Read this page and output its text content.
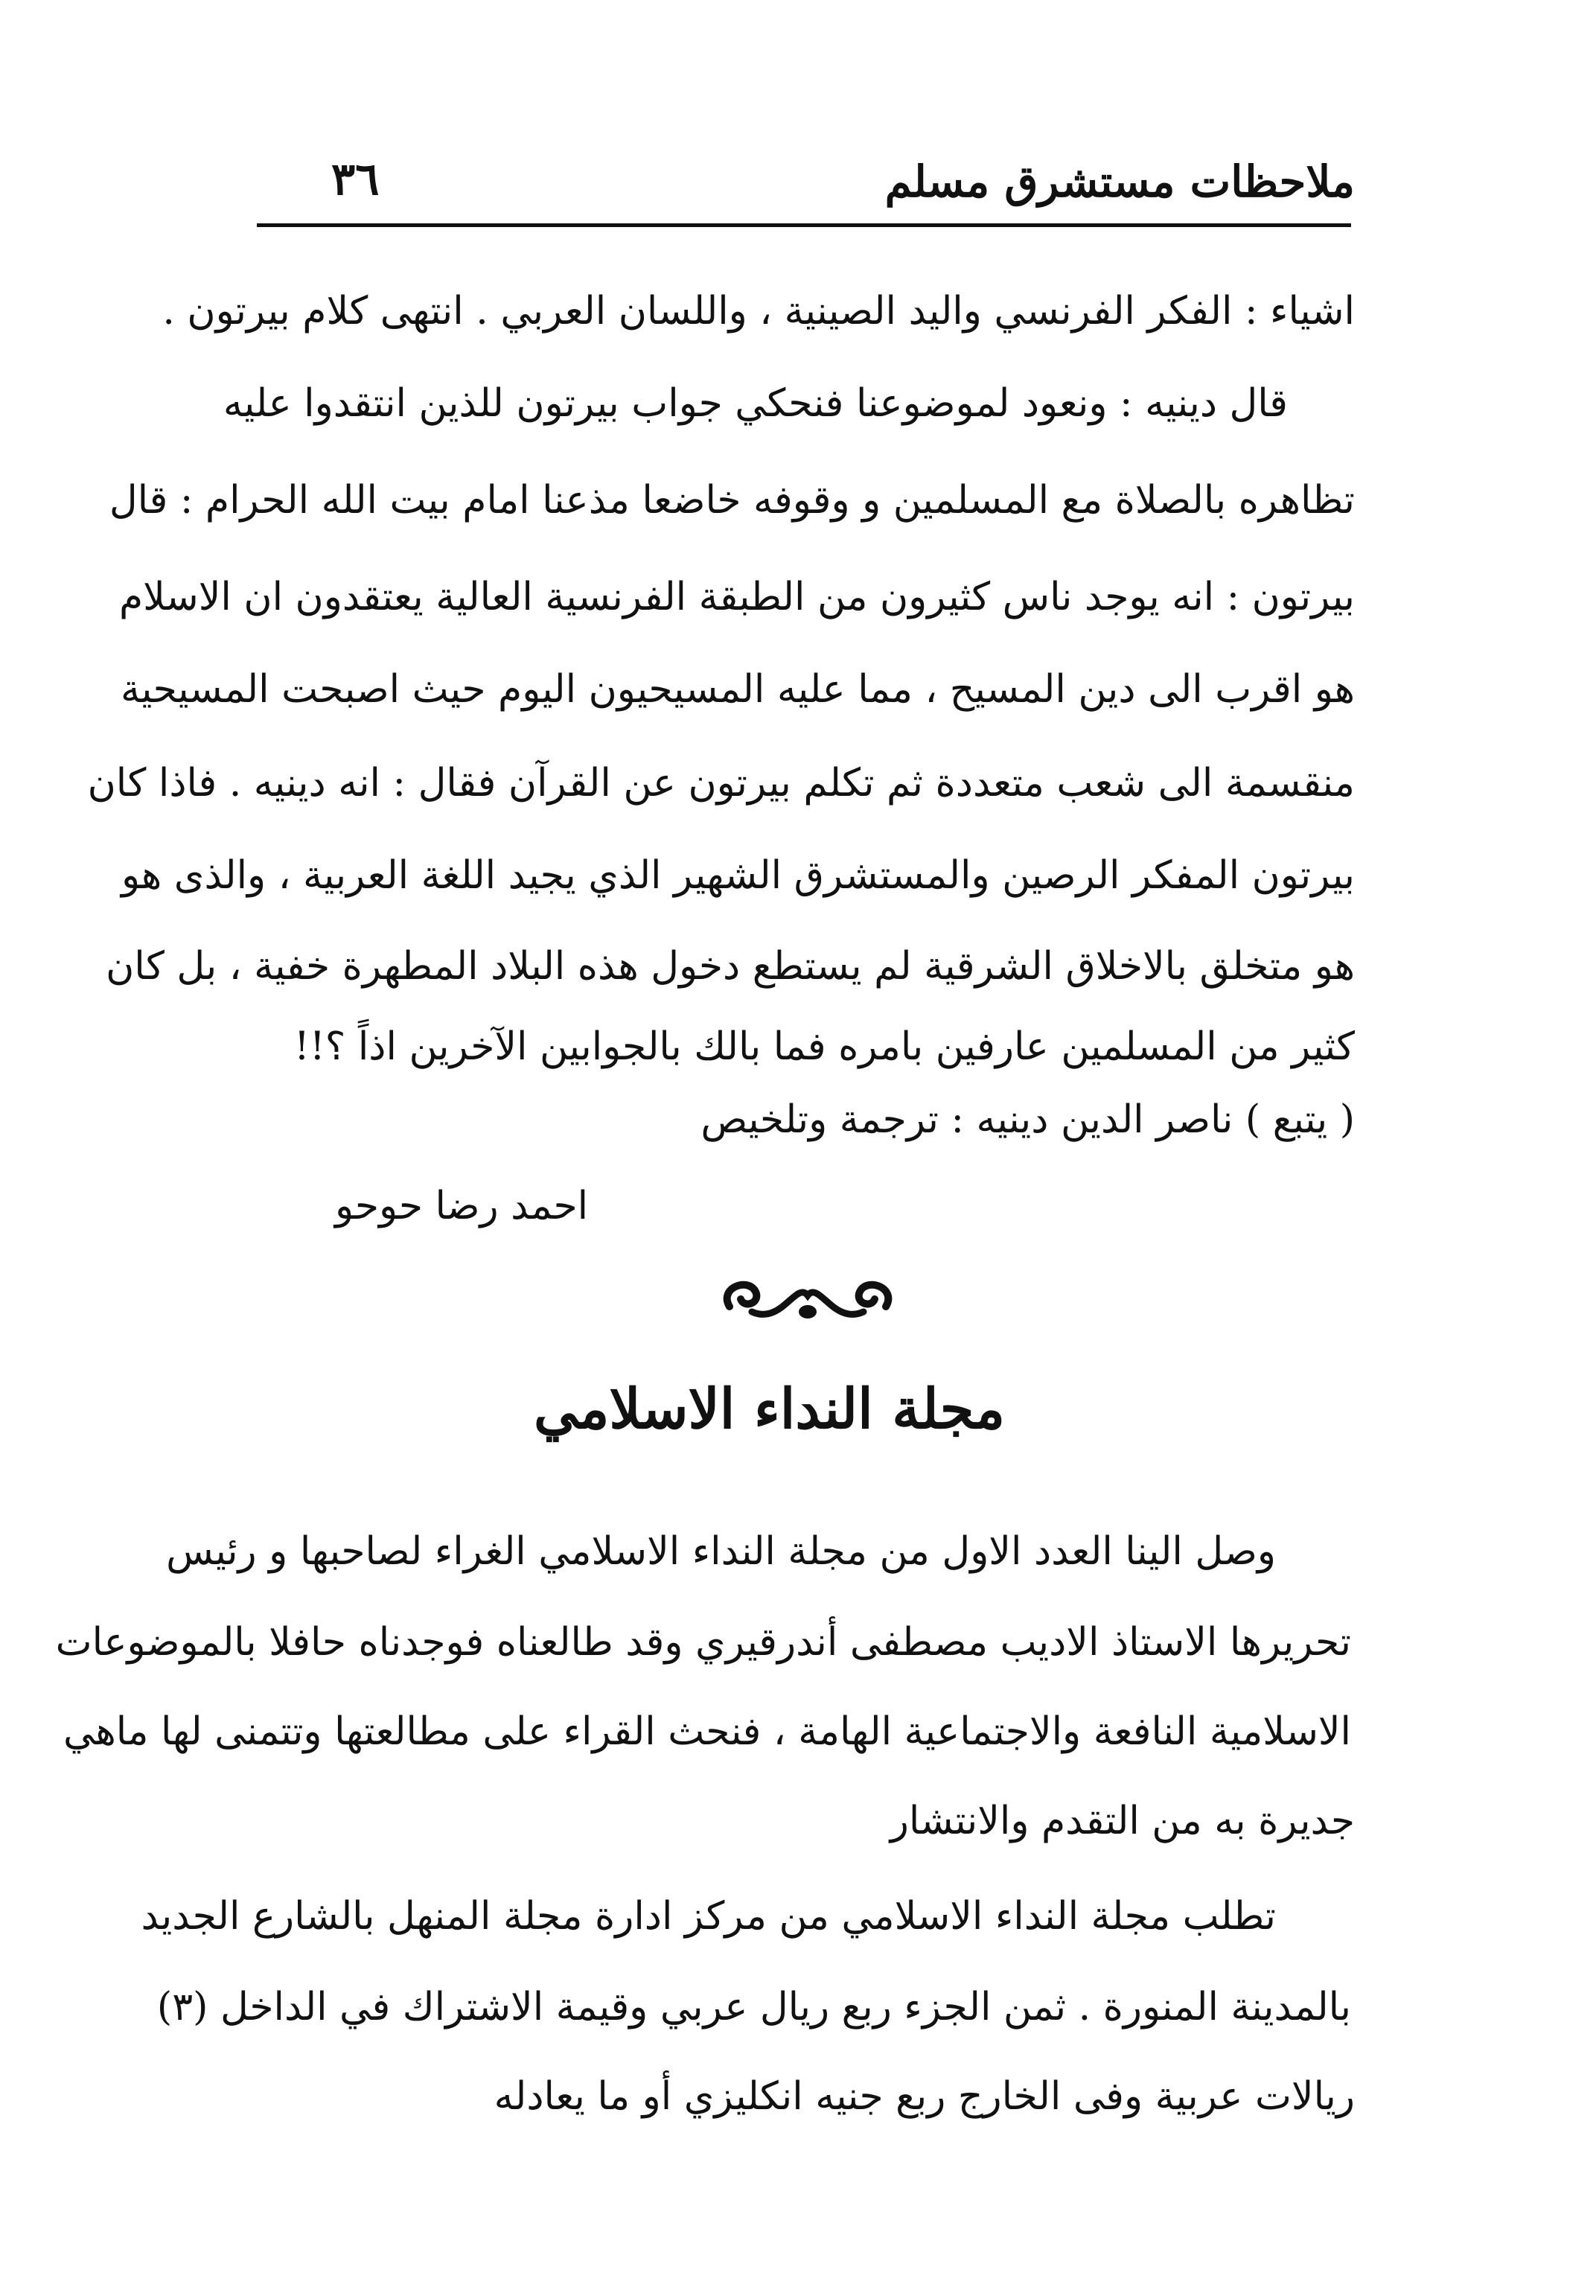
ملاحظات مستشرق مسلم
٣٦
اشياء : الفكر الفرنسي واليد الصينية ، واللسان العربي . انتهى كلام بيرتون .
قال دينيه : ونعود لموضوعنا فنحكي جواب بيرتون للذين انتقدوا عليه
تظاهره بالصلاة مع المسلمين و وقوفه خاضعا مذعنا امام بيت الله الحرام : قال
بيرتون : انه يوجد ناس كثيرون من الطبقة الفرنسية العالية يعتقدون ان الاسلام
هو اقرب الى دين المسيح ، مما عليه المسيحيون اليوم حيث اصبحت المسيحية
منقسمة الى شعب متعددة ثم تكلم بيرتون عن القرآن فقال : انه دينيه . فاذا كان
بيرتون المفكر الرصين والمستشرق الشهير الذي يجيد اللغة العربية ، والذى هو
هو متخلق بالاخلاق الشرقية لم يستطع دخول هذه البلاد المطهرة خفية ، بل كان
كثير من المسلمين عارفين بامره فما بالك بالجوابين الآخرين اذاً ؟!!
( يتبع ) ناصر الدين دينيه : ترجمة وتلخيص
احمد رضا حوحو
مجلة النداء الاسلامي
وصل الينا العدد الاول من مجلة النداء الاسلامي الغراء لصاحبها و رئيس
تحريرها الاستاذ الاديب مصطفى أندرقيري وقد طالعناه فوجدناه حافلا بالموضوعات
الاسلامية النافعة والاجتماعية الهامة ، فنحث القراء على مطالعتها وتتمنى لها ماهي
جديرة به من التقدم والانتشار
تطلب مجلة النداء الاسلامي من مركز ادارة مجلة المنهل بالشارع الجديد
بالمدينة المنورة . ثمن الجزء ربع ريال عربي وقيمة الاشتراك في الداخل (٣)
ريالات عربية وفى الخارج ربع جنيه انكليزي أو ما يعادله
